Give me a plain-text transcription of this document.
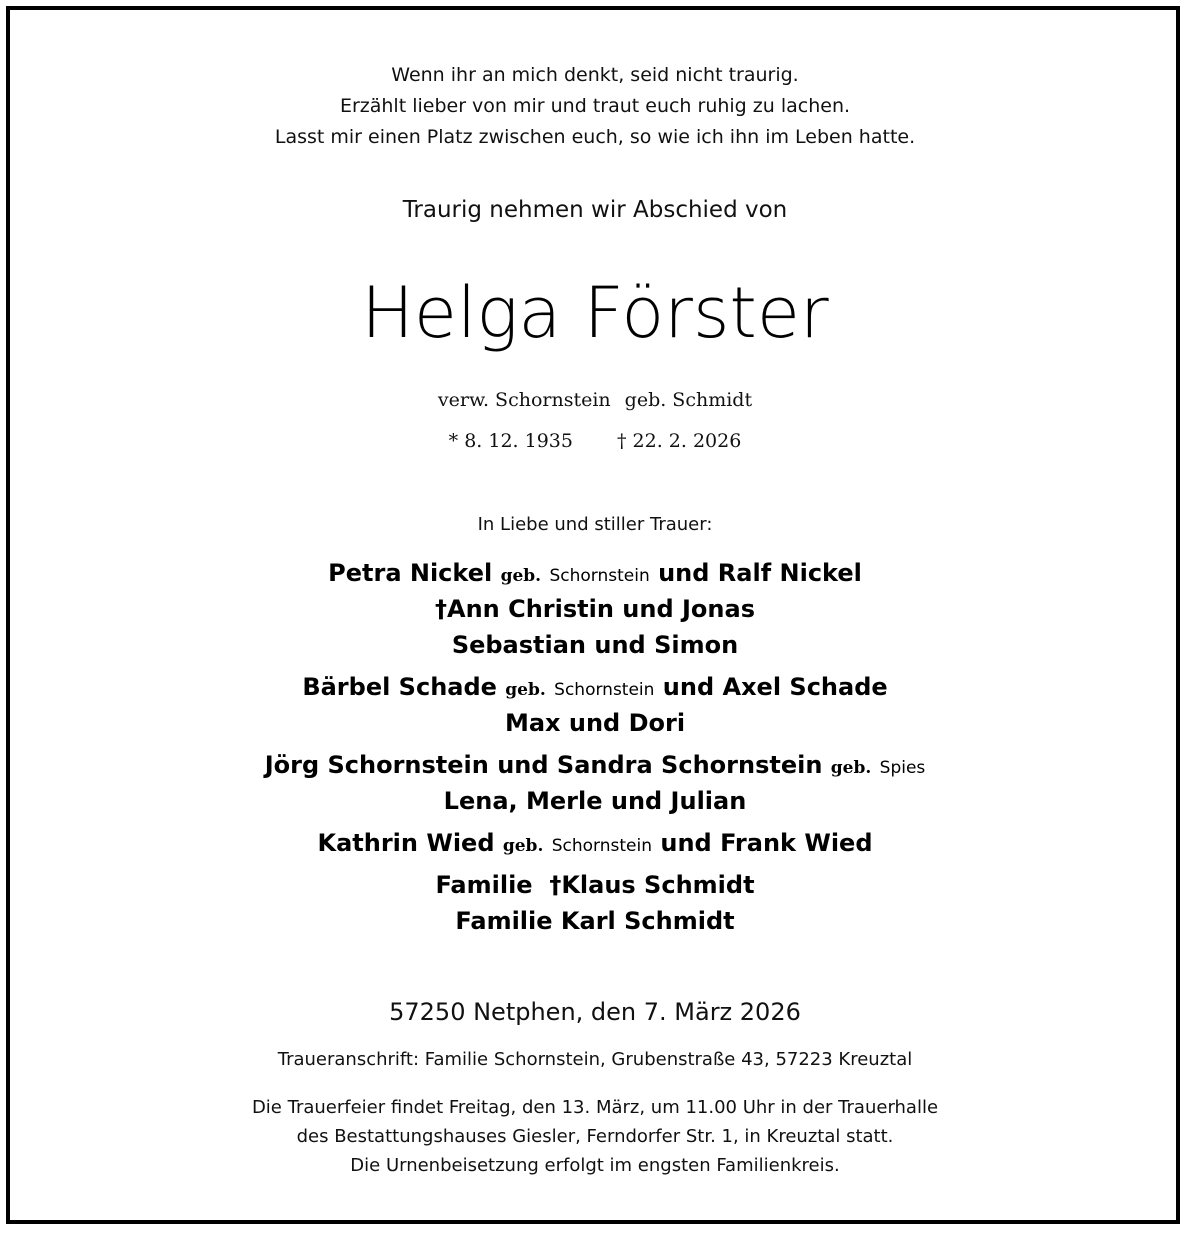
Wenn ihr an mich denkt, seid nicht traurig.

Erzählt lieber von mir und traut euch ruhig zu lachen.

Lasst mir einen Platz zwischen euch, so wie ich ihn im Leben hatte.

Traurig nehmen wir Abschied von

Helga Förster

verw. Schornstein geb. Schmidt

* 8. 12. 1935 † 22. 2. 2026

In Liebe und stiller Trauer:

Petra Nickel geb. Schornstein und Ralf Nickel

†Ann Christin und Jonas

Sebastian und Simon

Bärbel Schade geb. Schornstein und Axel Schade

Max und Dori

Jörg Schornstein und Sandra Schornstein geb. Spies

Lena, Merle und Julian

Kathrin Wied geb. Schornstein und Frank Wied

Familie †Klaus Schmidt

Familie Karl Schmidt

57250 Netphen, den 7. März 2026

Traueranschrift: Familie Schornstein, Grubenstraße 43, 57223 Kreuztal

Die Trauerfeier findet Freitag, den 13. März, um 11.00 Uhr in der Trauerhalle

des Bestattungshauses Giesler, Ferndorfer Str. 1, in Kreuztal statt.

Die Urnenbeisetzung erfolgt im engsten Familienkreis.
